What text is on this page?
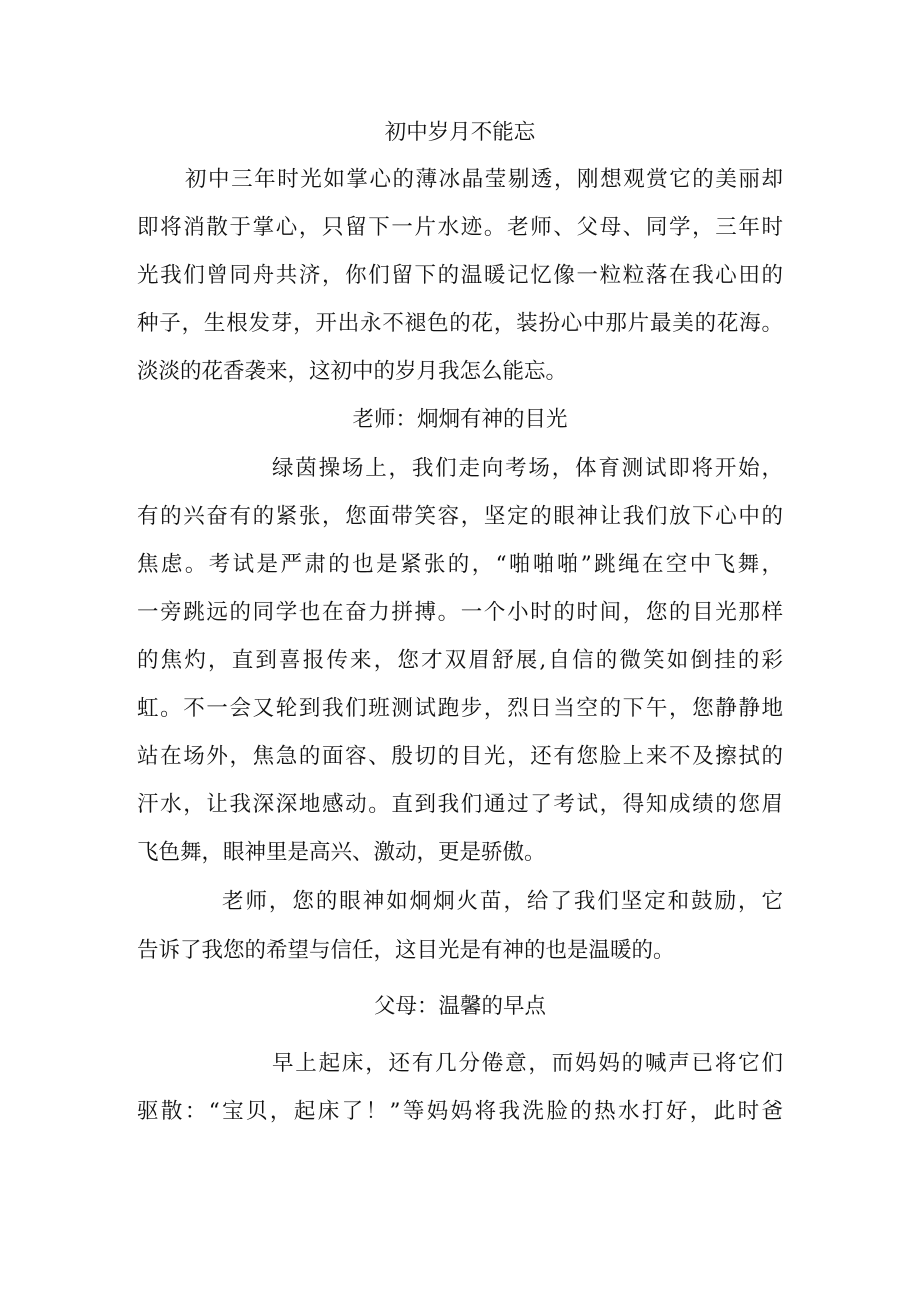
初中岁月不能忘
初中三年时光如掌心的薄冰晶莹剔透，刚想观赏它的美丽却
即将消散于掌心，只留下一片水迹。老师、父母、同学，三年时
光我们曾同舟共济，你们留下的温暖记忆像一粒粒落在我心田的
种子，生根发芽，开出永不褪色的花，装扮心中那片最美的花海。
淡淡的花香袭来，这初中的岁月我怎么能忘。
老师：炯炯有神的目光
绿茵操场上，我们走向考场，体育测试即将开始，
有的兴奋有的紧张，您面带笑容，坚定的眼神让我们放下心中的
焦虑。考试是严肃的也是紧张的，“啪啪啪”跳绳在空中飞舞，
一旁跳远的同学也在奋力拼搏。一个小时的时间，您的目光那样
的焦灼，直到喜报传来，您才双眉舒展,自信的微笑如倒挂的彩
虹。不一会又轮到我们班测试跑步，烈日当空的下午，您静静地
站在场外，焦急的面容、殷切的目光，还有您脸上来不及擦拭的
汗水，让我深深地感动。直到我们通过了考试，得知成绩的您眉
飞色舞，眼神里是高兴、激动，更是骄傲。
老师，您的眼神如炯炯火苗，给了我们坚定和鼓励，它
告诉了我您的希望与信任，这目光是有神的也是温暖的。
父母：温馨的早点
早上起床，还有几分倦意，而妈妈的喊声已将它们
驱散：“宝贝，起床了！”等妈妈将我洗脸的热水打好，此时爸
